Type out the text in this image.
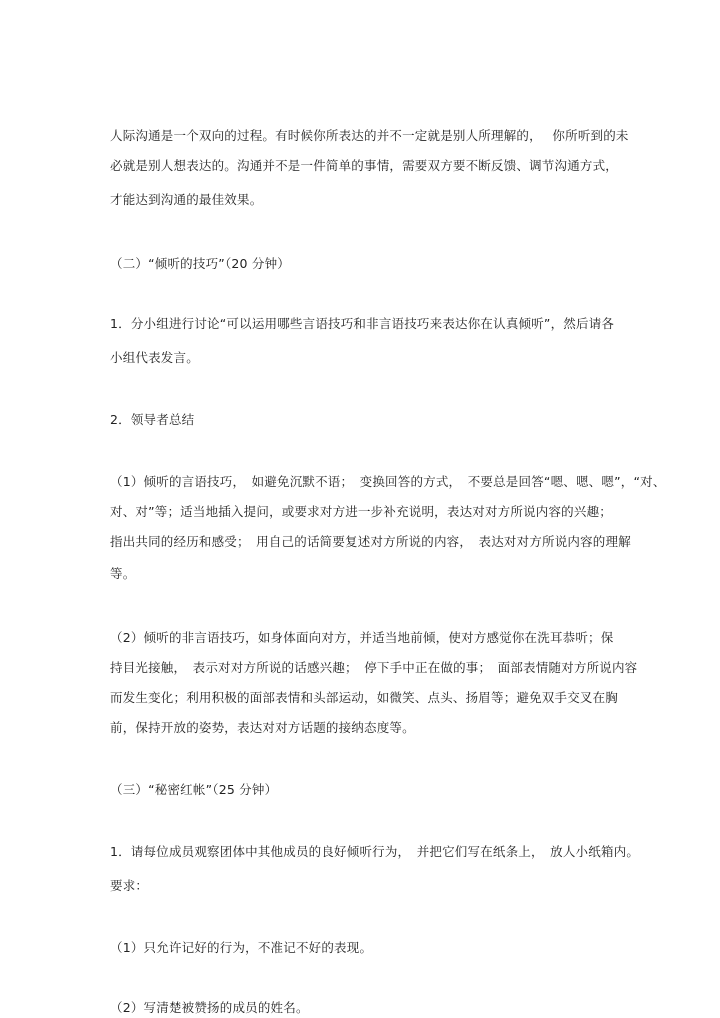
人际沟通是一个双向的过程。有时候你所表达的并不一定就是别人所理解的，　 你所听到的未
必就是别人想表达的。沟通并不是一件简单的事情，需要双方要不断反馈、调节沟通方式，
才能达到沟通的最佳效果。
（二）“倾听的技巧”（20 分钟）
1．分小组进行讨论“可以运用哪些言语技巧和非言语技巧来表达你在认真倾听”，然后请各
小组代表发言。
2．领导者总结
（1）倾听的言语技巧，　如避免沉默不语；　变换回答的方式，　不要总是回答“嗯、嗯、嗯”，“对、
对、对”等；适当地插入提问，或要求对方进一步补充说明，表达对对方所说内容的兴趣；
指出共同的经历和感受；　用自己的话简要复述对方所说的内容，　表达对对方所说内容的理解
等。
（2）倾听的非言语技巧，如身体面向对方，并适当地前倾，使对方感觉你在洗耳恭听；保
持目光接触，　表示对对方所说的话感兴趣；　停下手中正在做的事；　面部表情随对方所说内容
而发生变化；利用积极的面部表情和头部运动，如微笑、点头、扬眉等；避免双手交叉在胸
前，保持开放的姿势，表达对对方话题的接纳态度等。
（三）“秘密红帐”（25 分钟）
1．请每位成员观察团体中其他成员的良好倾听行为，　并把它们写在纸条上，　放人小纸箱内。
要求：
（1）只允许记好的行为，不准记不好的表现。
（2）写清楚被赞扬的成员的姓名。
